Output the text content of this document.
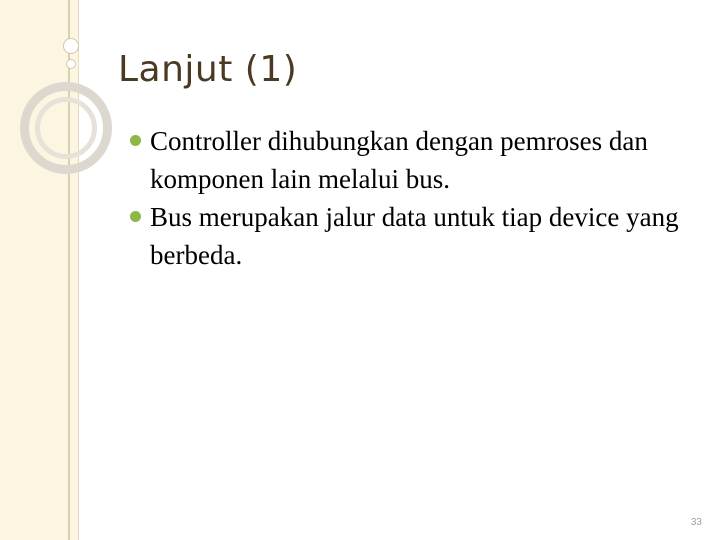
Lanjut (1)
Controller dihubungkan dengan pemroses dan komponen lain melalui bus.
Bus merupakan jalur data untuk tiap device yang berbeda.
33
